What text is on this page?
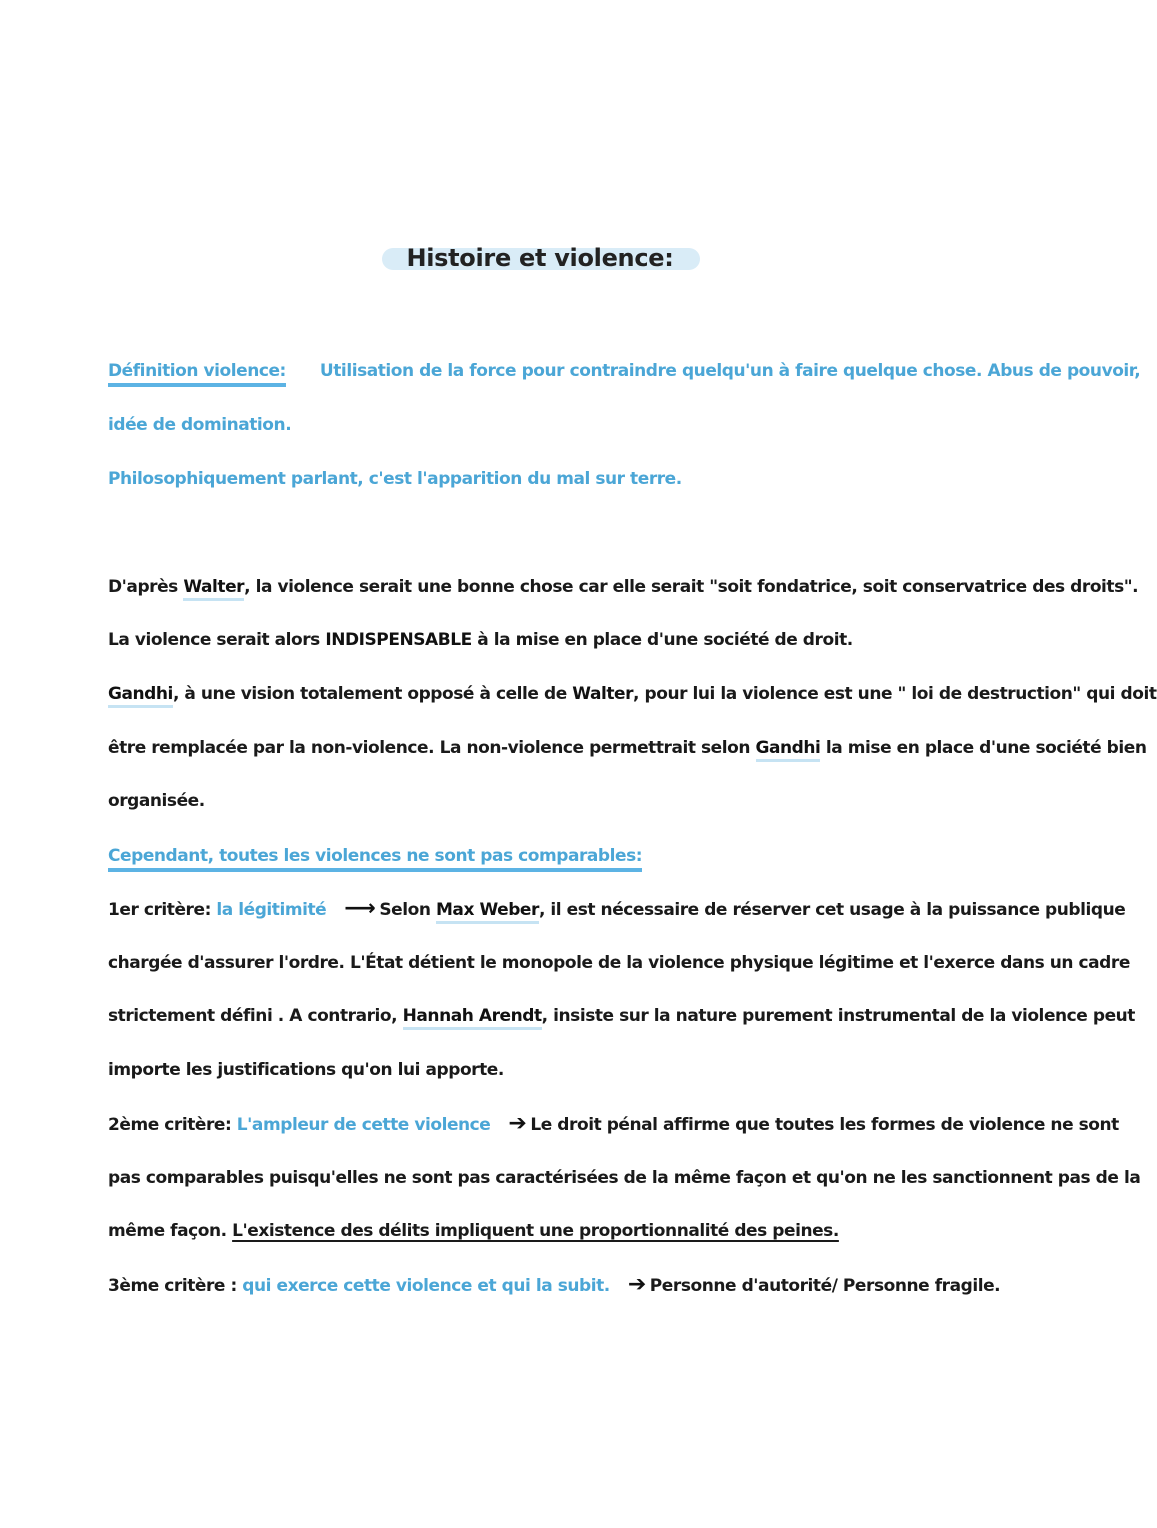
Histoire et violence:
Définition violence: Utilisation de la force pour contraindre quelqu'un à faire quelque chose. Abus de pouvoir,
idée de domination.
Philosophiquement parlant, c'est l'apparition du mal sur terre.
D'après Walter, la violence serait une bonne chose car elle serait "soit fondatrice, soit conservatrice des droits".
La violence serait alors INDISPENSABLE à la mise en place d'une société de droit.
Gandhi, à une vision totalement opposé à celle de Walter, pour lui la violence est une " loi de destruction" qui doit
être remplacée par la non-violence. La non-violence permettrait selon Gandhi la mise en place d'une société bien
organisée.
Cependant, toutes les violences ne sont pas comparables:
1er critère: la légitimité ⟶ Selon Max Weber, il est nécessaire de réserver cet usage à la puissance publique
chargée d'assurer l'ordre. L'État détient le monopole de la violence physique légitime et l'exerce dans un cadre
strictement défini . A contrario, Hannah Arendt, insiste sur la nature purement instrumental de la violence peut
importe les justifications qu'on lui apporte.
2ème critère: L'ampleur de cette violence ➔ Le droit pénal affirme que toutes les formes de violence ne sont
pas comparables puisqu'elles ne sont pas caractérisées de la même façon et qu'on ne les sanctionnent pas de la
même façon. L'existence des délits impliquent une proportionnalité des peines.
3ème critère : qui exerce cette violence et qui la subit. ➔ Personne d'autorité/ Personne fragile.
